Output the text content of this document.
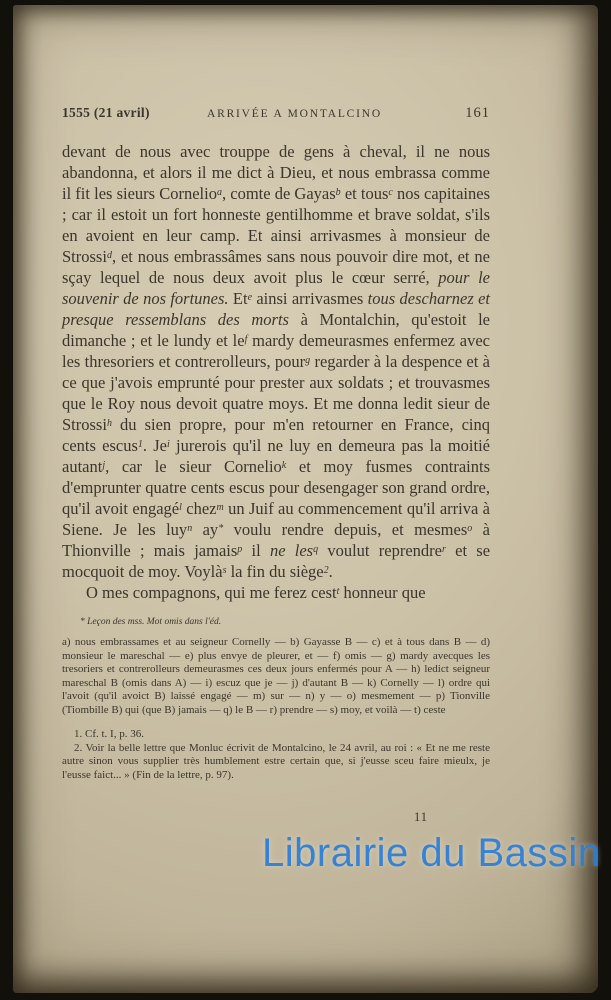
1555 (21 avril)	ARRIVÉE A MONTALCINO	161

devant de nous avec trouppe de gens à cheval, il ne nous abandonna, et alors il me dict à Dieu, et nous embrassa comme il fit les sieurs Cornelio$^a$, comte de Gayas$^b$ et tous$^c$ nos capitaines ; car il estoit un fort honneste gentilhomme et brave soldat, s'ils en avoient en leur camp. Et ainsi arrivasmes à monsieur de Strossi$^d$, et nous embrassâmes sans nous pouvoir dire mot, et ne sçay lequel de nous deux avoit plus le cœur serré, pour le souvenir de nos fortunes. Et$^e$ ainsi arrivasmes tous descharnez et presque ressemblans des morts à Montalchin, qu'estoit le dimanche ; et le lundy et $le^f$ mardy demeurasmes enfermez avec les thresoriers et contrerolleurs, pour$^g$ regarder à la despence et à ce que j'avois emprunté pour prester aux soldats ; et trouvasmes que le Roy nous devoit quatre moys. Et me donna ledit sieur de Strossi$^h$ du sien propre, pour m'en retourner en France, cinq cents escus$^1$. Je$^i$ jurerois qu'il ne luy en demeura pas la moitié autant$^j$, car le sieur Cornelio$^k$ et moy fusmes contraints d'emprunter quatre cents escus pour desengager son grand ordre, qu'il avoit engagé$^l$ chez$^m$ un Juif au commencement qu'il arriva à Siene. Je les luy$^n$ ay* voulu rendre depuis, et mesmes$^o$ à Thionville ; mais jamais$^p$ il ne les$^q$ voulut reprendre$^r$ et se mocquoit de moy. Voylà$^s$ la fin du siège$^2$.

O mes compagnons, qui me ferez cest$^t$ honneur que

* Leçon des mss. Mot omis dans l'éd.
a) nous embrassames et au seigneur Cornelly — b) Gayasse B — c) et à tous dans B — d) monsieur le mareschal — e) plus envye de pleurer, et — f) omis — g) mardy avecques les tresoriers et contrerolleurs demeurasmes ces deux jours enfermés pour A — h) ledict seigneur mareschal B (omis dans A) — i) escuz que je — j) d'autant B — k) Cornelly — l) ordre qui l'avoit (qu'il avoict B) laissé engagé — m) sur — n) y — o) mesmement — p) Tionville (Tiombille B) qui (que B) jamais — q) le B — r) prendre — s) moy, et voilà — t) ceste

1. Cf. t. I, p. 36.

2. Voir la belle lettre que Monluc écrivit de Montalcino, le 24 avril, au roi : « Et ne me reste autre sinon vous supplier très humblement estre certain que, si j'eusse sceu faire mieulx, je l'eusse faict... » (Fin de la lettre, p. 97).

11
Librairie du Bassin
